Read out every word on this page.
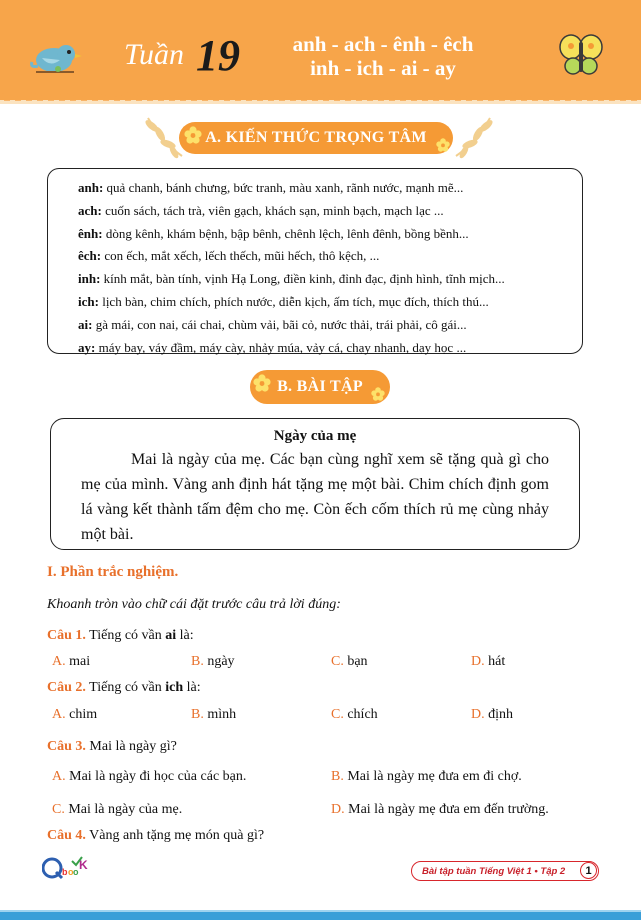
Tuần 19	anh - ach - ênh - êch
inh - ich - ai - ay
A. KIẾN THỨC TRỌNG TÂM
anh: quả chanh, bánh chưng, bức tranh, màu xanh, rãnh nước, mạnh mẽ...
ach: cuốn sách, tách trà, viên gạch, khách sạn, minh bạch, mạch lạc ...
ênh: dòng kênh, khám bệnh, bập bênh, chênh lệch, lênh đênh, bồng bềnh...
êch: con ếch, mắt xếch, lếch thếch, mũi hếch, thô kệch, ...
inh: kính mắt, bàn tính, vịnh Hạ Long, điền kinh, đỉnh đạc, định hình, tĩnh mịch...
ich: lịch bàn, chim chích, phích nước, diễn kịch, ấm tích, mục đích, thích thú...
ai: gà mái, con nai, cái chai, chùm vải, bãi cỏ, nước thải, trái phải, cô gái...
ay: máy bay, váy đầm, máy cày, nhảy múa, vảy cá, chạy nhanh, dạy học ...
B. BÀI TẬP
Ngày của mẹ
Mai là ngày của mẹ. Các bạn cùng nghĩ xem sẽ tặng quà gì cho mẹ của mình. Vàng anh định hát tặng mẹ một bài. Chim chích định gom lá vàng kết thành tấm đệm cho mẹ. Còn ếch cốm thích rủ mẹ cùng nhảy một bài.
I. Phần trắc nghiệm.
Khoanh tròn vào chữ cái đặt trước câu trả lời đúng:
Câu 1. Tiếng có vần ai là:
A. mai	B. ngày	C. bạn	D. hát
Câu 2. Tiếng có vần ich là:
A. chim	B. mình	C. chích	D. định
Câu 3. Mai là ngày gì?
A. Mai là ngày đi học của các bạn.	B. Mai là ngày mẹ đưa em đi chợ.
C. Mai là ngày của mẹ.	D. Mai là ngày mẹ đưa em đến trường.
Câu 4. Vàng anh tặng mẹ món quà gì?
b o o K	Bài tập tuần Tiếng Việt 1 • Tập 2	1
